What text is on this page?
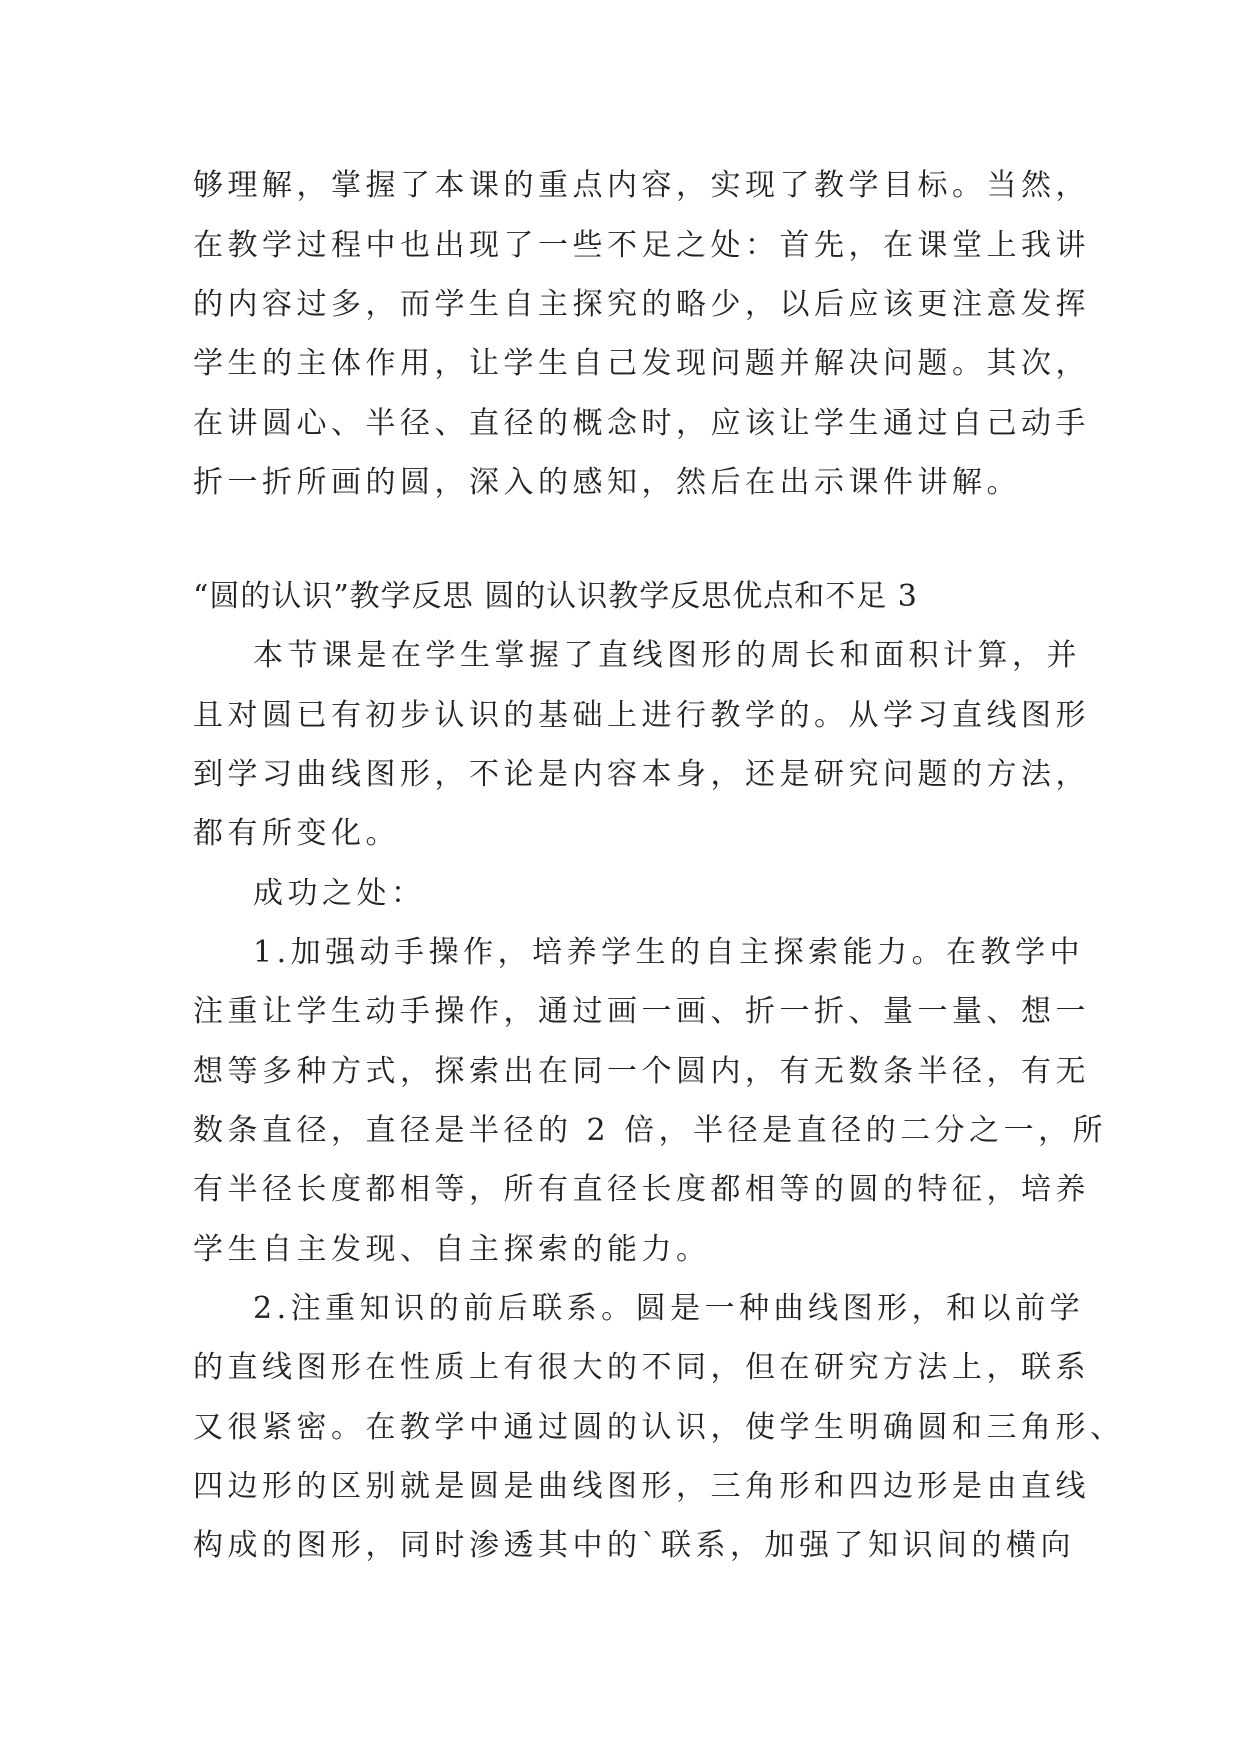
够理解，掌握了本课的重点内容，实现了教学目标。当然，
在教学过程中也出现了一些不足之处：首先，在课堂上我讲
的内容过多，而学生自主探究的略少，以后应该更注意发挥
学生的主体作用，让学生自己发现问题并解决问题。其次，
在讲圆心、半径、直径的概念时，应该让学生通过自己动手
折一折所画的圆，深入的感知，然后在出示课件讲解。
“圆的认识”教学反思 圆的认识教学反思优点和不足 3
本节课是在学生掌握了直线图形的周长和面积计算，并
且对圆已有初步认识的基础上进行教学的。从学习直线图形
到学习曲线图形，不论是内容本身，还是研究问题的方法，
都有所变化。
成功之处：
1.加强动手操作，培养学生的自主探索能力。在教学中
注重让学生动手操作，通过画一画、折一折、量一量、想一
想等多种方式，探索出在同一个圆内，有无数条半径，有无
数条直径，直径是半径的 2 倍，半径是直径的二分之一，所
有半径长度都相等，所有直径长度都相等的圆的特征，培养
学生自主发现、自主探索的能力。
2.注重知识的前后联系。圆是一种曲线图形，和以前学
的直线图形在性质上有很大的不同，但在研究方法上，联系
又很紧密。在教学中通过圆的认识，使学生明确圆和三角形、
四边形的区别就是圆是曲线图形，三角形和四边形是由直线
构成的图形，同时渗透其中的`联系，加强了知识间的横向
